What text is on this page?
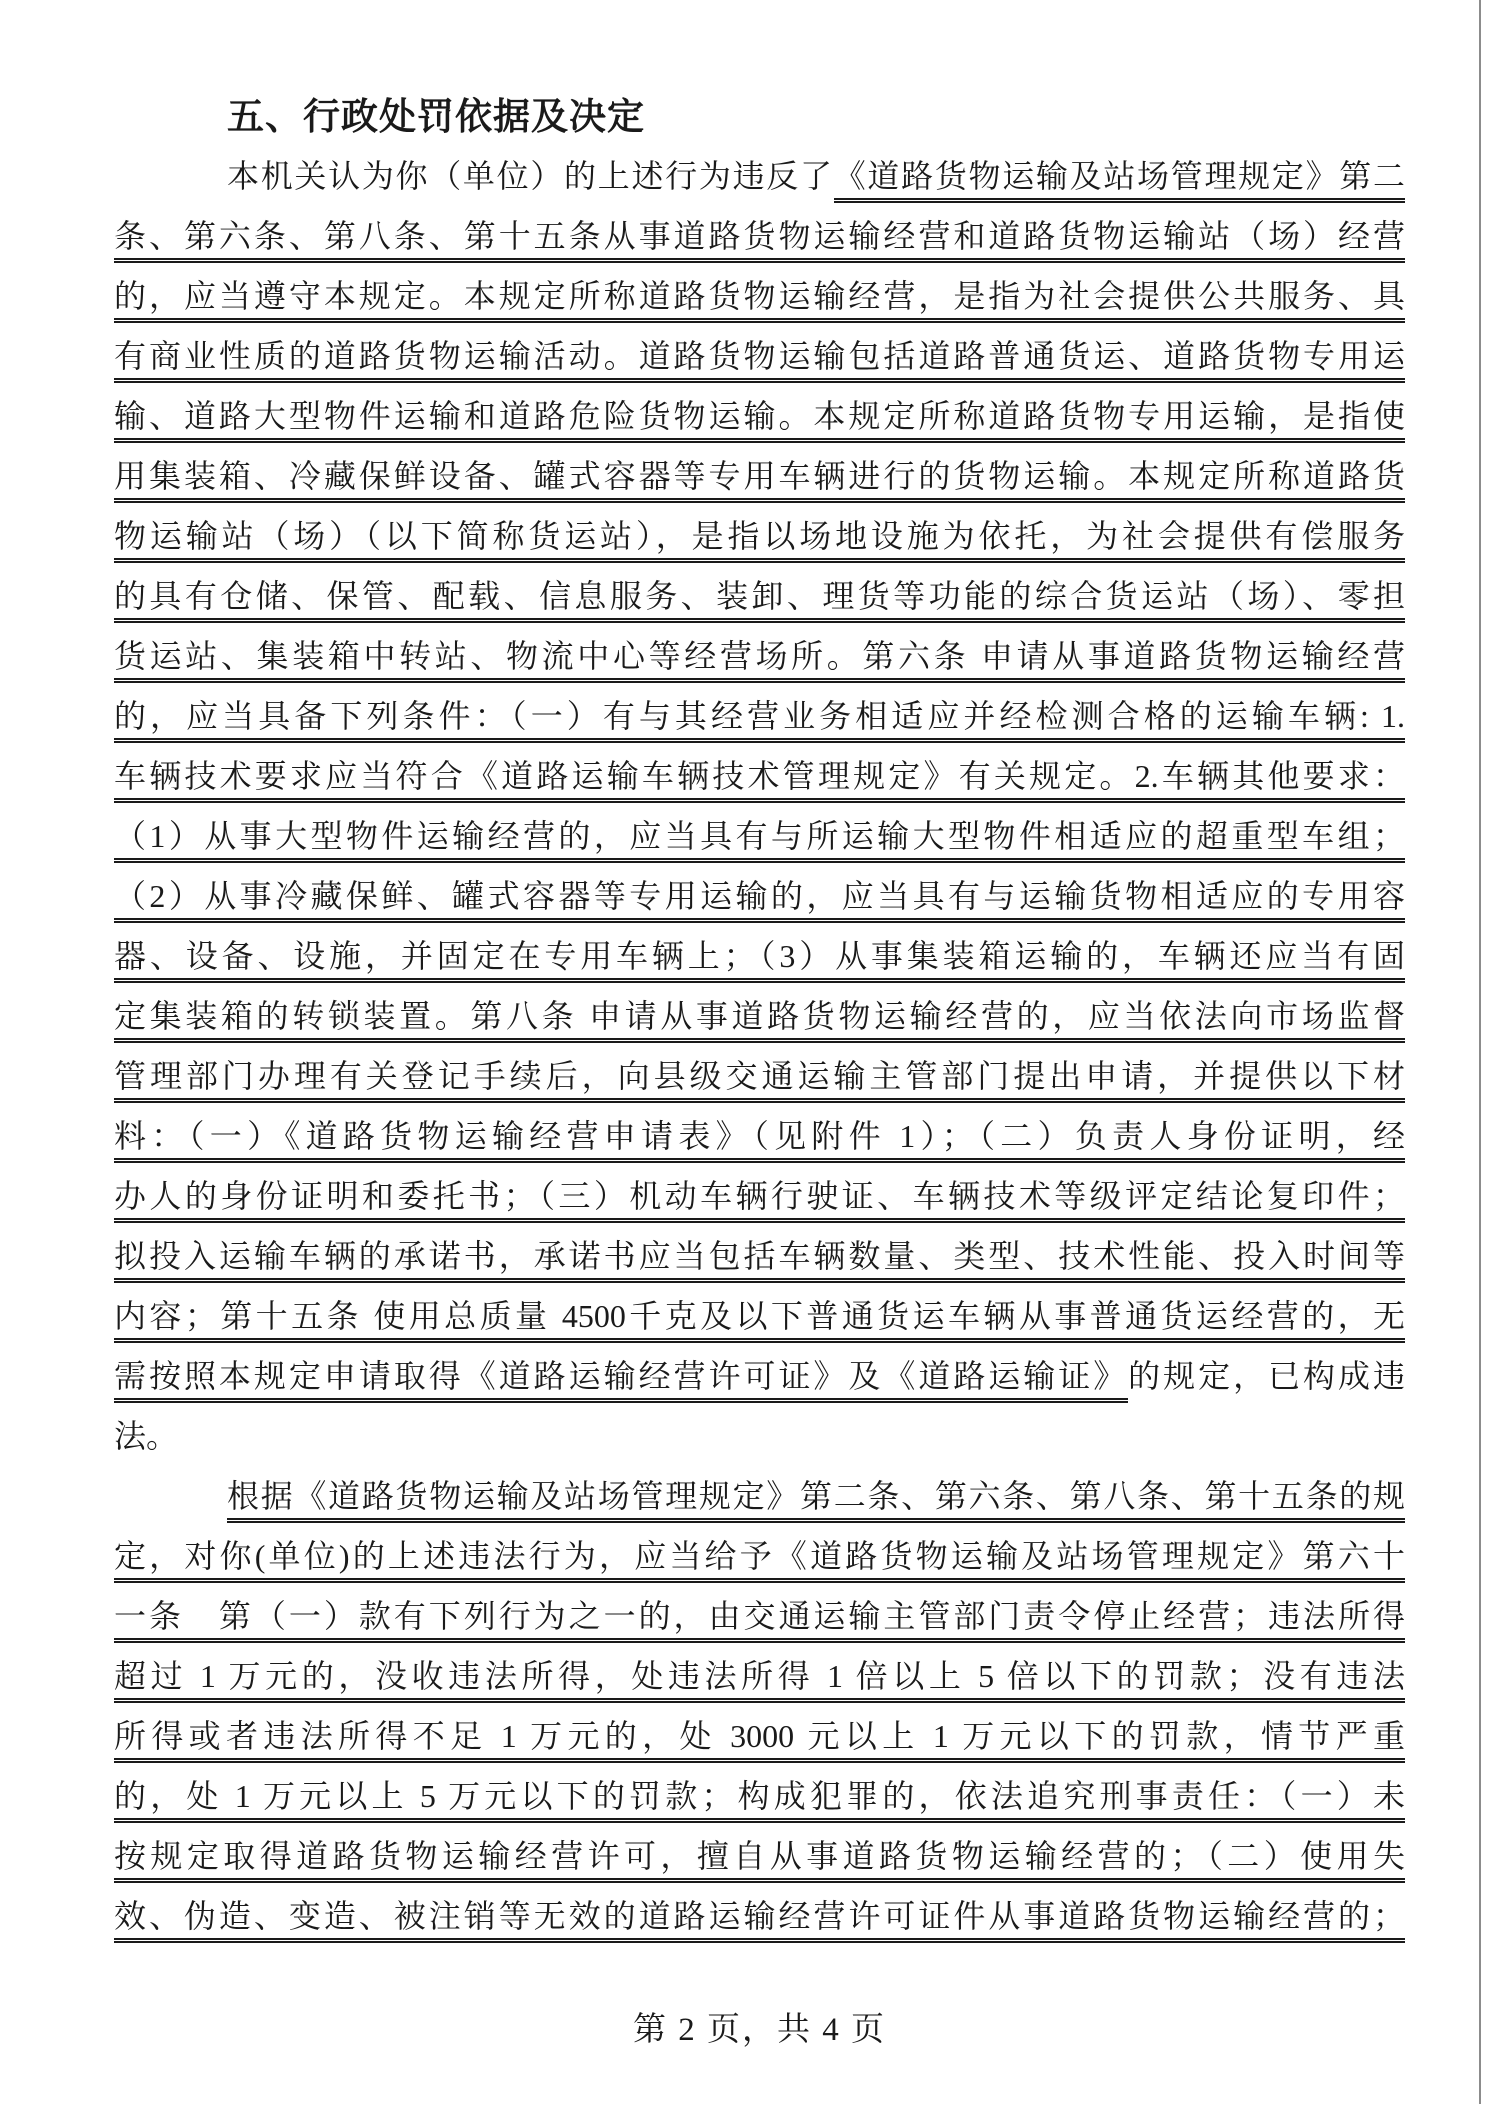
五、行政处罚依据及决定
本机关认为你（单位）的上述行为违反了《道路货物运输及站场管理规定》第二
条、第六条、第八条、第十五条从事道路货物运输经营和道路货物运输站（场）经营
的，应当遵守本规定。本规定所称道路货物运输经营，是指为社会提供公共服务、具
有商业性质的道路货物运输活动。道路货物运输包括道路普通货运、道路货物专用运
输、道路大型物件运输和道路危险货物运输。本规定所称道路货物专用运输，是指使
用集装箱、冷藏保鲜设备、罐式容器等专用车辆进行的货物运输。本规定所称道路货
物运输站（场）（以下简称货运站），是指以场地设施为依托，为社会提供有偿服务
的具有仓储、保管、配载、信息服务、装卸、理货等功能的综合货运站（场）、零担
货运站、集装箱中转站、物流中心等经营场所。第六条 申请从事道路货物运输经营
的，应当具备下列条件：（一）有与其经营业务相适应并经检测合格的运输车辆: 1.
车辆技术要求应当符合《道路运输车辆技术管理规定》有关规定。2.车辆其他要求：
（1）从事大型物件运输经营的，应当具有与所运输大型物件相适应的超重型车组；
（2）从事冷藏保鲜、罐式容器等专用运输的，应当具有与运输货物相适应的专用容
器、设备、设施，并固定在专用车辆上；（3）从事集装箱运输的，车辆还应当有固
定集装箱的转锁装置。第八条 申请从事道路货物运输经营的，应当依法向市场监督
管理部门办理有关登记手续后，向县级交通运输主管部门提出申请，并提供以下材
料：（一）《道路货物运输经营申请表》（见附件 1）；（二）负责人身份证明，经
办人的身份证明和委托书；（三）机动车辆行驶证、车辆技术等级评定结论复印件；
拟投入运输车辆的承诺书，承诺书应当包括车辆数量、类型、技术性能、投入时间等
内容；第十五条 使用总质量 4500千克及以下普通货运车辆从事普通货运经营的，无
需按照本规定申请取得《道路运输经营许可证》及《道路运输证》的规定，已构成违
法。
根据《道路货物运输及站场管理规定》第二条、第六条、第八条、第十五条的规
定，对你(单位)的上述违法行为，应当给予《道路货物运输及站场管理规定》第六十
一条　第（一）款有下列行为之一的，由交通运输主管部门责令停止经营；违法所得
超过 1 万元的，没收违法所得，处违法所得 1 倍以上 5 倍以下的罚款；没有违法
所得或者违法所得不足 1 万元的，处 3000 元以上 1 万元以下的罚款，情节严重
的，处 1 万元以上 5 万元以下的罚款；构成犯罪的，依法追究刑事责任：（一）未
按规定取得道路货物运输经营许可，擅自从事道路货物运输经营的；（二）使用失
效、伪造、变造、被注销等无效的道路运输经营许可证件从事道路货物运输经营的；
第 2 页，共 4 页
